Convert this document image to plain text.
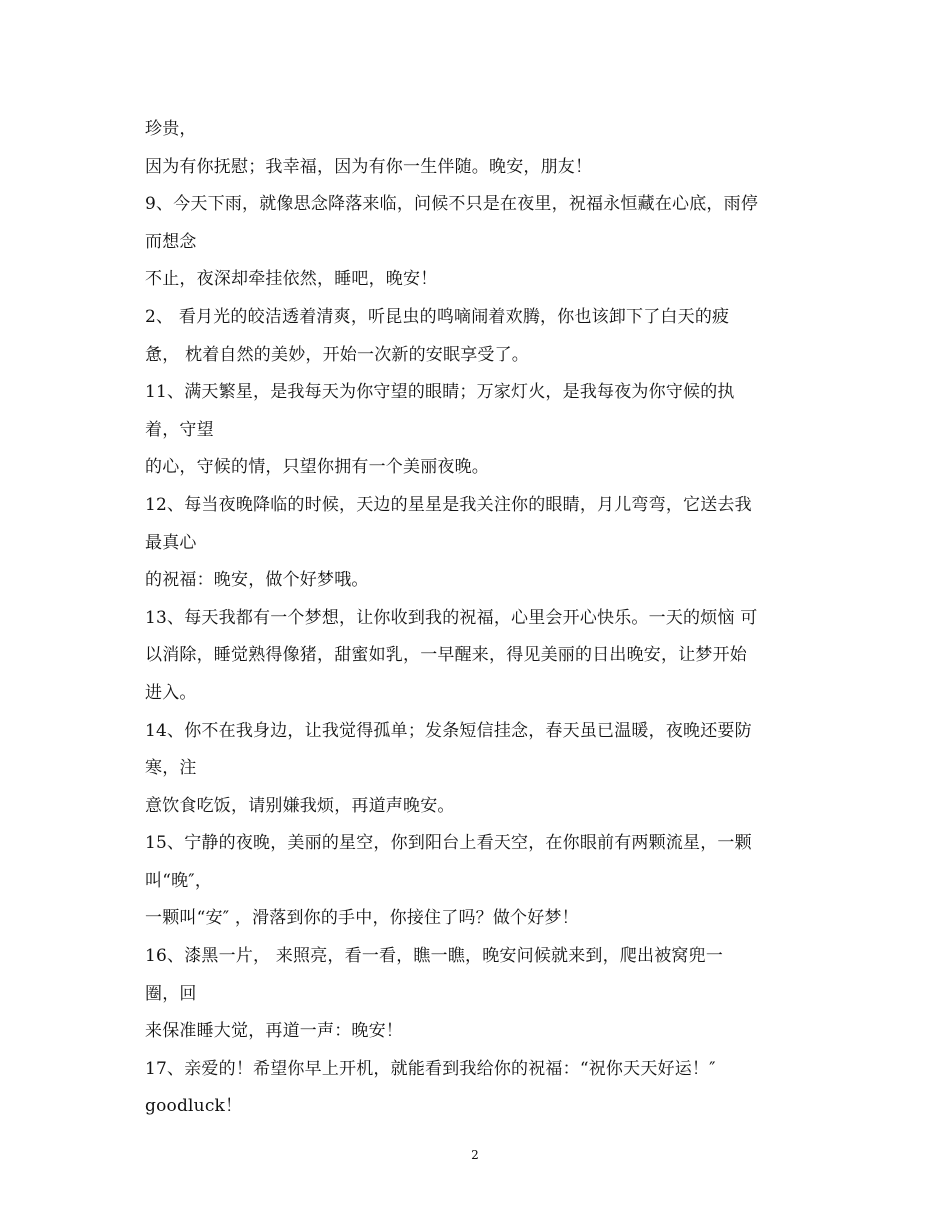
珍贵，
因为有你抚慰；我幸福，因为有你一生伴随。晚安，朋友！
9、今天下雨，就像思念降落来临，问候不只是在夜里，祝福永恒藏在心底，雨停
而想念
不止，夜深却牵挂依然，睡吧，晚安！
2、 看月光的皎洁透着清爽，听昆虫的鸣嘀闹着欢腾，你也该卸下了白天的疲
惫， 枕着自然的美妙，开始一次新的安眠享受了。
11、满天繁星，是我每天为你守望的眼睛；万家灯火，是我每夜为你守候的执
着，守望
的心，守候的情，只望你拥有一个美丽夜晚。
12、每当夜晚降临的时候，天边的星星是我关注你的眼睛，月儿弯弯，它送去我
最真心
的祝福：晚安，做个好梦哦。
13、每天我都有一个梦想，让你收到我的祝福，心里会开心快乐。一天的烦恼 可
以消除，睡觉熟得像猪，甜蜜如乳，一早醒来，得见美丽的日出晚安，让梦开始
进入。
14、你不在我身边，让我觉得孤单；发条短信挂念，春天虽已温暖，夜晚还要防
寒，注
意饮食吃饭，请别嫌我烦，再道声晚安。
15、宁静的夜晚，美丽的星空，你到阳台上看天空，在你眼前有两颗流星，一颗
叫“晚″，
一颗叫“安″ ，滑落到你的手中，你接住了吗？做个好梦！
16、漆黑一片， 来照亮，看一看，瞧一瞧，晚安问候就来到，爬出被窝兜一
圈，回
来保准睡大觉，再道一声：晚安！
17、亲爱的！希望你早上开机，就能看到我给你的祝福：“祝你天天好运！″
goodluck！
2
